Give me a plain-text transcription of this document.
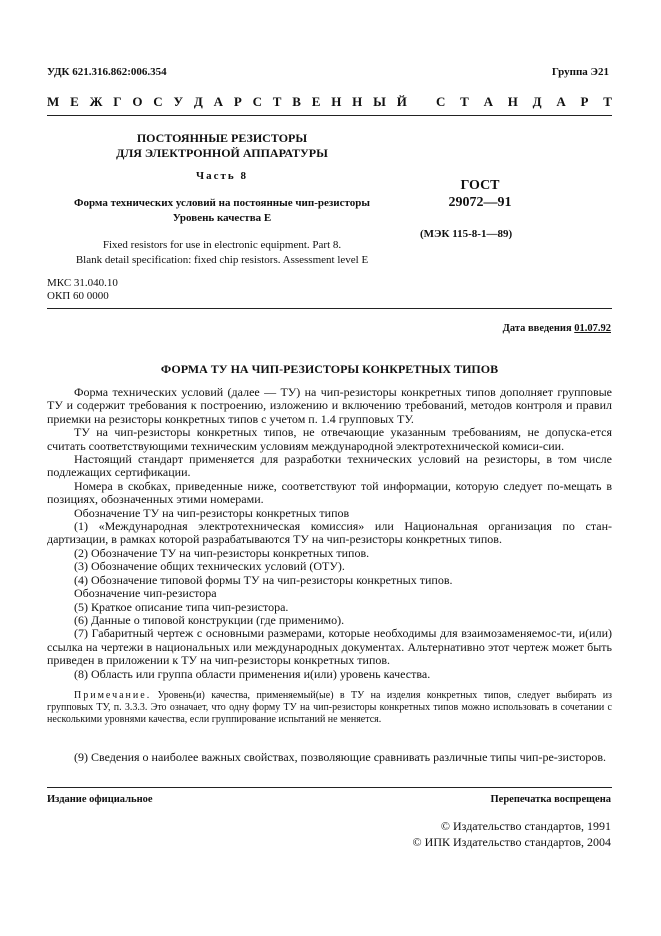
УДК 621.316.862:006.354	Группа Э21
М Е Ж Г О С У Д А Р С Т В Е Н Н Ы Й С Т А Н Д А Р Т
ПОСТОЯННЫЕ РЕЗИСТОРЫ
ДЛЯ ЭЛЕКТРОННОЙ АППАРАТУРЫ
Часть 8
Форма технических условий на постоянные чип-резисторы
Уровень качества E
Fixed resistors for use in electronic equipment. Part 8.
Blank detail specification: fixed chip resistors. Assessment level E
ГОСТ
29072—91
(МЭК 115-8-1—89)
МКС 31.040.10
ОКП 60 0000
Дата введения 01.07.92
ФОРМА ТУ НА ЧИП-РЕЗИСТОРЫ КОНКРЕТНЫХ ТИПОВ

Форма технических условий (далее — ТУ) на чип-резисторы конкретных типов дополняет групповые ТУ и содержит требования к построению, изложению и включению требований, методов контроля и правил приемки на резисторы конкретных типов с учетом п. 1.4 групповых ТУ.

ТУ на чип-резисторы конкретных типов, не отвечающие указанным требованиям, не допуска-ется считать соответствующими техническим условиям международной электротехнической комиси-сии.

Настоящий стандарт применяется для разработки технических условий на резисторы, в том числе подлежащих сертификации.

Номера в скобках, приведенные ниже, соответствуют той информации, которую следует по-мещать в позициях, обозначенных этими номерами.

Обозначение ТУ на чип-резисторы конкретных типов

(1) «Международная электротехническая комиссия» или Национальная организация по стан-дартизации, в рамках которой разрабатываются ТУ на чип-резисторы конкретных типов.

(2) Обозначение ТУ на чип-резисторы конкретных типов.

(3) Обозначение общих технических условий (ОТУ).

(4) Обозначение типовой формы ТУ на чип-резисторы конкретных типов.

Обозначение чип-резистора

(5) Краткое описание типа чип-резистора.

(6) Данные о типовой конструкции (где применимо).

(7) Габаритный чертеж с основными размерами, которые необходимы для взаимозаменяемос-ти, и(или) ссылка на чертежи в национальных или международных документах. Альтернативно этот чертеж может быть приведен в приложении к ТУ на чип-резисторы конкретных типов.

(8) Область или группа области применения и(или) уровень качества.

Примечание. Уровень(и) качества, применяемый(ые) в ТУ на изделия конкретных типов, следует выбирать из групповых ТУ, п. 3.3.3. Это означает, что одну форму ТУ на чип-резисторы конкретных типов можно использовать в сочетании с несколькими уровнями качества, если группирование испытаний не меняется.
(9) Сведения о наиболее важных свойствах, позволяющие сравнивать различные типы чип-ре-зисторов.
Издание официальное	Перепечатка воспрещена
© Издательство стандартов, 1991
© ИПК Издательство стандартов, 2004
